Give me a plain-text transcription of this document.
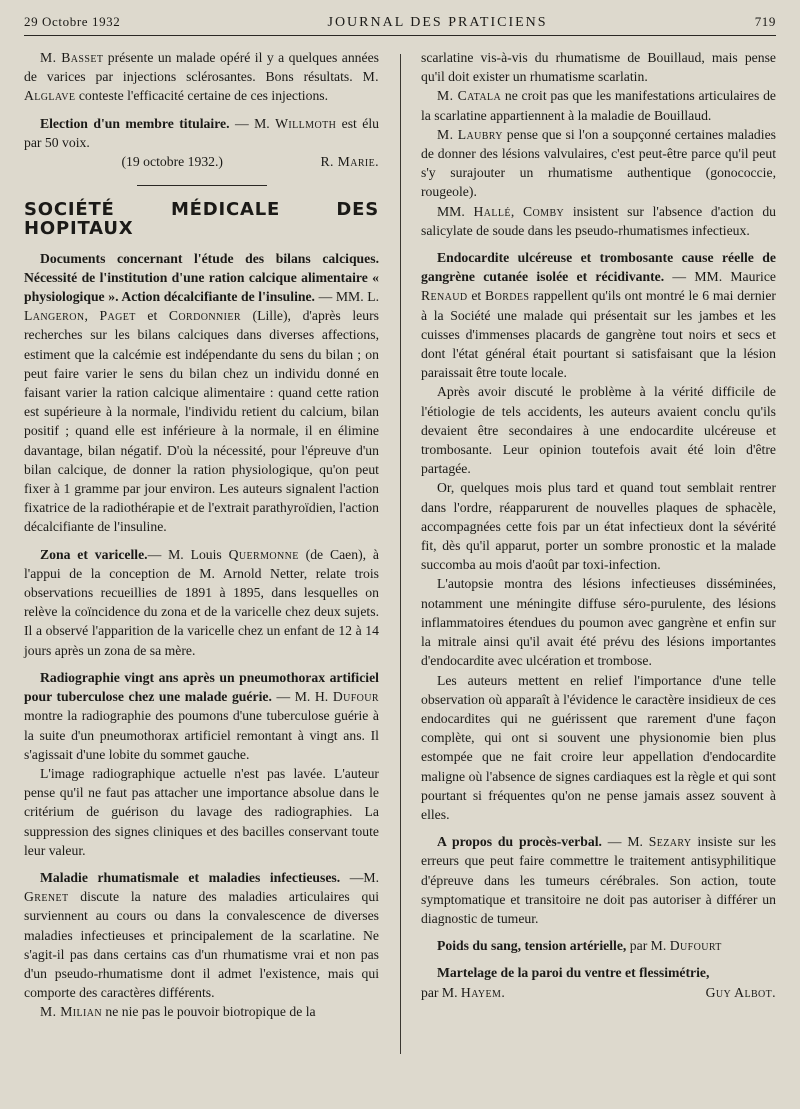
29 Octobre 1932	JOURNAL DES PRATICIENS	719

M. Basset présente un malade opéré il y a quelques années de varices par injections sclérosantes. Bons résultats. M. Alglave conteste l'efficacité certaine de ces injections.

Election d'un membre titulaire. — M. Willmoth est élu par 50 voix.

(19 octobre 1932.)	R. Marie.
SOCIÉTÉ MÉDICALE DES HOPITAUX

Documents concernant l'étude des bilans calciques. Nécessité de l'institution d'une ration calcique alimentaire « physiologique ». Action décalcifiante de l'insuline. — MM. L. Langeron, Paget et Cordonnier (Lille), d'après leurs recherches sur les bilans calciques dans diverses affections, estiment que la calcémie est indépendante du sens du bilan ; on peut faire varier le sens du bilan chez un individu donné en faisant varier la ration calcique alimentaire : quand cette ration est supérieure à la normale, l'individu retient du calcium, bilan positif ; quand elle est inférieure à la normale, il en élimine davantage, bilan négatif. D'où la nécessité, pour l'épreuve d'un bilan calcique, de donner la ration physiologique, qu'on peut fixer à 1 gramme par jour environ. Les auteurs signalent l'action fixatrice de la radiothérapie et de l'extrait parathyroïdien, l'action décalcifiante de l'insuline.

Zona et varicelle.— M. Louis Quermonne (de Caen), à l'appui de la conception de M. Arnold Netter, relate trois observations recueillies de 1891 à 1895, dans lesquelles on relève la coïncidence du zona et de la varicelle chez deux sujets. Il a observé l'apparition de la varicelle chez un enfant de 12 à 14 jours après un zona de sa mère.

Radiographie vingt ans après un pneumothorax artificiel pour tuberculose chez une malade guérie. — M. H. Dufour montre la radiographie des poumons d'une tuberculose guérie à la suite d'un pneumothorax artificiel remontant à vingt ans. Il s'agissait d'une lobite du sommet gauche.

L'image radiographique actuelle n'est pas lavée. L'auteur pense qu'il ne faut pas attacher une importance absolue dans le critérium de guérison du lavage des radiographies. La suppression des signes cliniques et des bacilles conservant toute leur valeur.

Maladie rhumatismale et maladies infectieuses. —M. Grenet discute la nature des maladies articulaires qui surviennent au cours ou dans la convalescence de diverses maladies infectieuses et principalement de la scarlatine. Ne s'agit-il pas dans certains cas d'un rhumatisme vrai et non pas d'un pseudo-rhumatisme dont il admet l'existence, mais qui comporte des caractères différents.

M. Milian ne nie pas le pouvoir biotropique de la

scarlatine vis-à-vis du rhumatisme de Bouillaud, mais pense qu'il doit exister un rhumatisme scarlatin.

M. Catala ne croit pas que les manifestations articulaires de la scarlatine appartiennent à la maladie de Bouillaud.

M. Laubry pense que si l'on a soupçonné certaines maladies de donner des lésions valvulaires, c'est peut-être parce qu'il peut s'y surajouter un rhumatisme authentique (gonococcie, rougeole).

MM. Hallé, Comby insistent sur l'absence d'action du salicylate de soude dans les pseudo-rhumatismes infectieux.

Endocardite ulcéreuse et trombosante cause réelle de gangrène cutanée isolée et récidivante. — MM. Maurice Renaud et Bordes rappellent qu'ils ont montré le 6 mai dernier à la Société une malade qui présentait sur les jambes et les cuisses d'immenses placards de gangrène tout noirs et secs et dont l'état général était pourtant si satisfaisant que la lésion paraissait être toute locale.

Après avoir discuté le problème à la vérité difficile de l'étiologie de tels accidents, les auteurs avaient conclu qu'ils devaient être secondaires à une endocardite ulcéreuse et trombosante. Leur opinion toutefois avait été loin d'être partagée.

Or, quelques mois plus tard et quand tout semblait rentrer dans l'ordre, réapparurent de nouvelles plaques de sphacèle, accompagnées cette fois par un état infectieux dont la sévérité fit, dès qu'il apparut, porter un sombre pronostic et la malade succomba au mois d'août par toxi-infection.

L'autopsie montra des lésions infectieuses disséminées, notamment une méningite diffuse séro-purulente, des lésions inflammatoires étendues du poumon avec gangrène et enfin sur la mitrale ainsi qu'il avait été prévu des lésions importantes d'endocardite avec ulcération et trombose.

Les auteurs mettent en relief l'importance d'une telle observation où apparaît à l'évidence le caractère insidieux de ces endocardites qui ne guérissent que rarement d'une façon complète, qui ont si souvent une physionomie bien plus estompée que ne fait croire leur appellation d'endocardite maligne où l'absence de signes cardiaques est la règle et qui sont pourtant si fréquentes qu'on ne pense jamais assez souvent à elles.

A propos du procès-verbal. — M. Sezary insiste sur les erreurs que peut faire commettre le traitement antisyphilitique d'épreuve dans les tumeurs cérébrales. Son action, toute symptomatique et transitoire ne doit pas autoriser à différer un diagnostic de tumeur.

Poids du sang, tension artérielle, par M. Dufourt

Martelage de la paroi du ventre et flessimétrie,

par M. Hayem.	Guy Albot.
